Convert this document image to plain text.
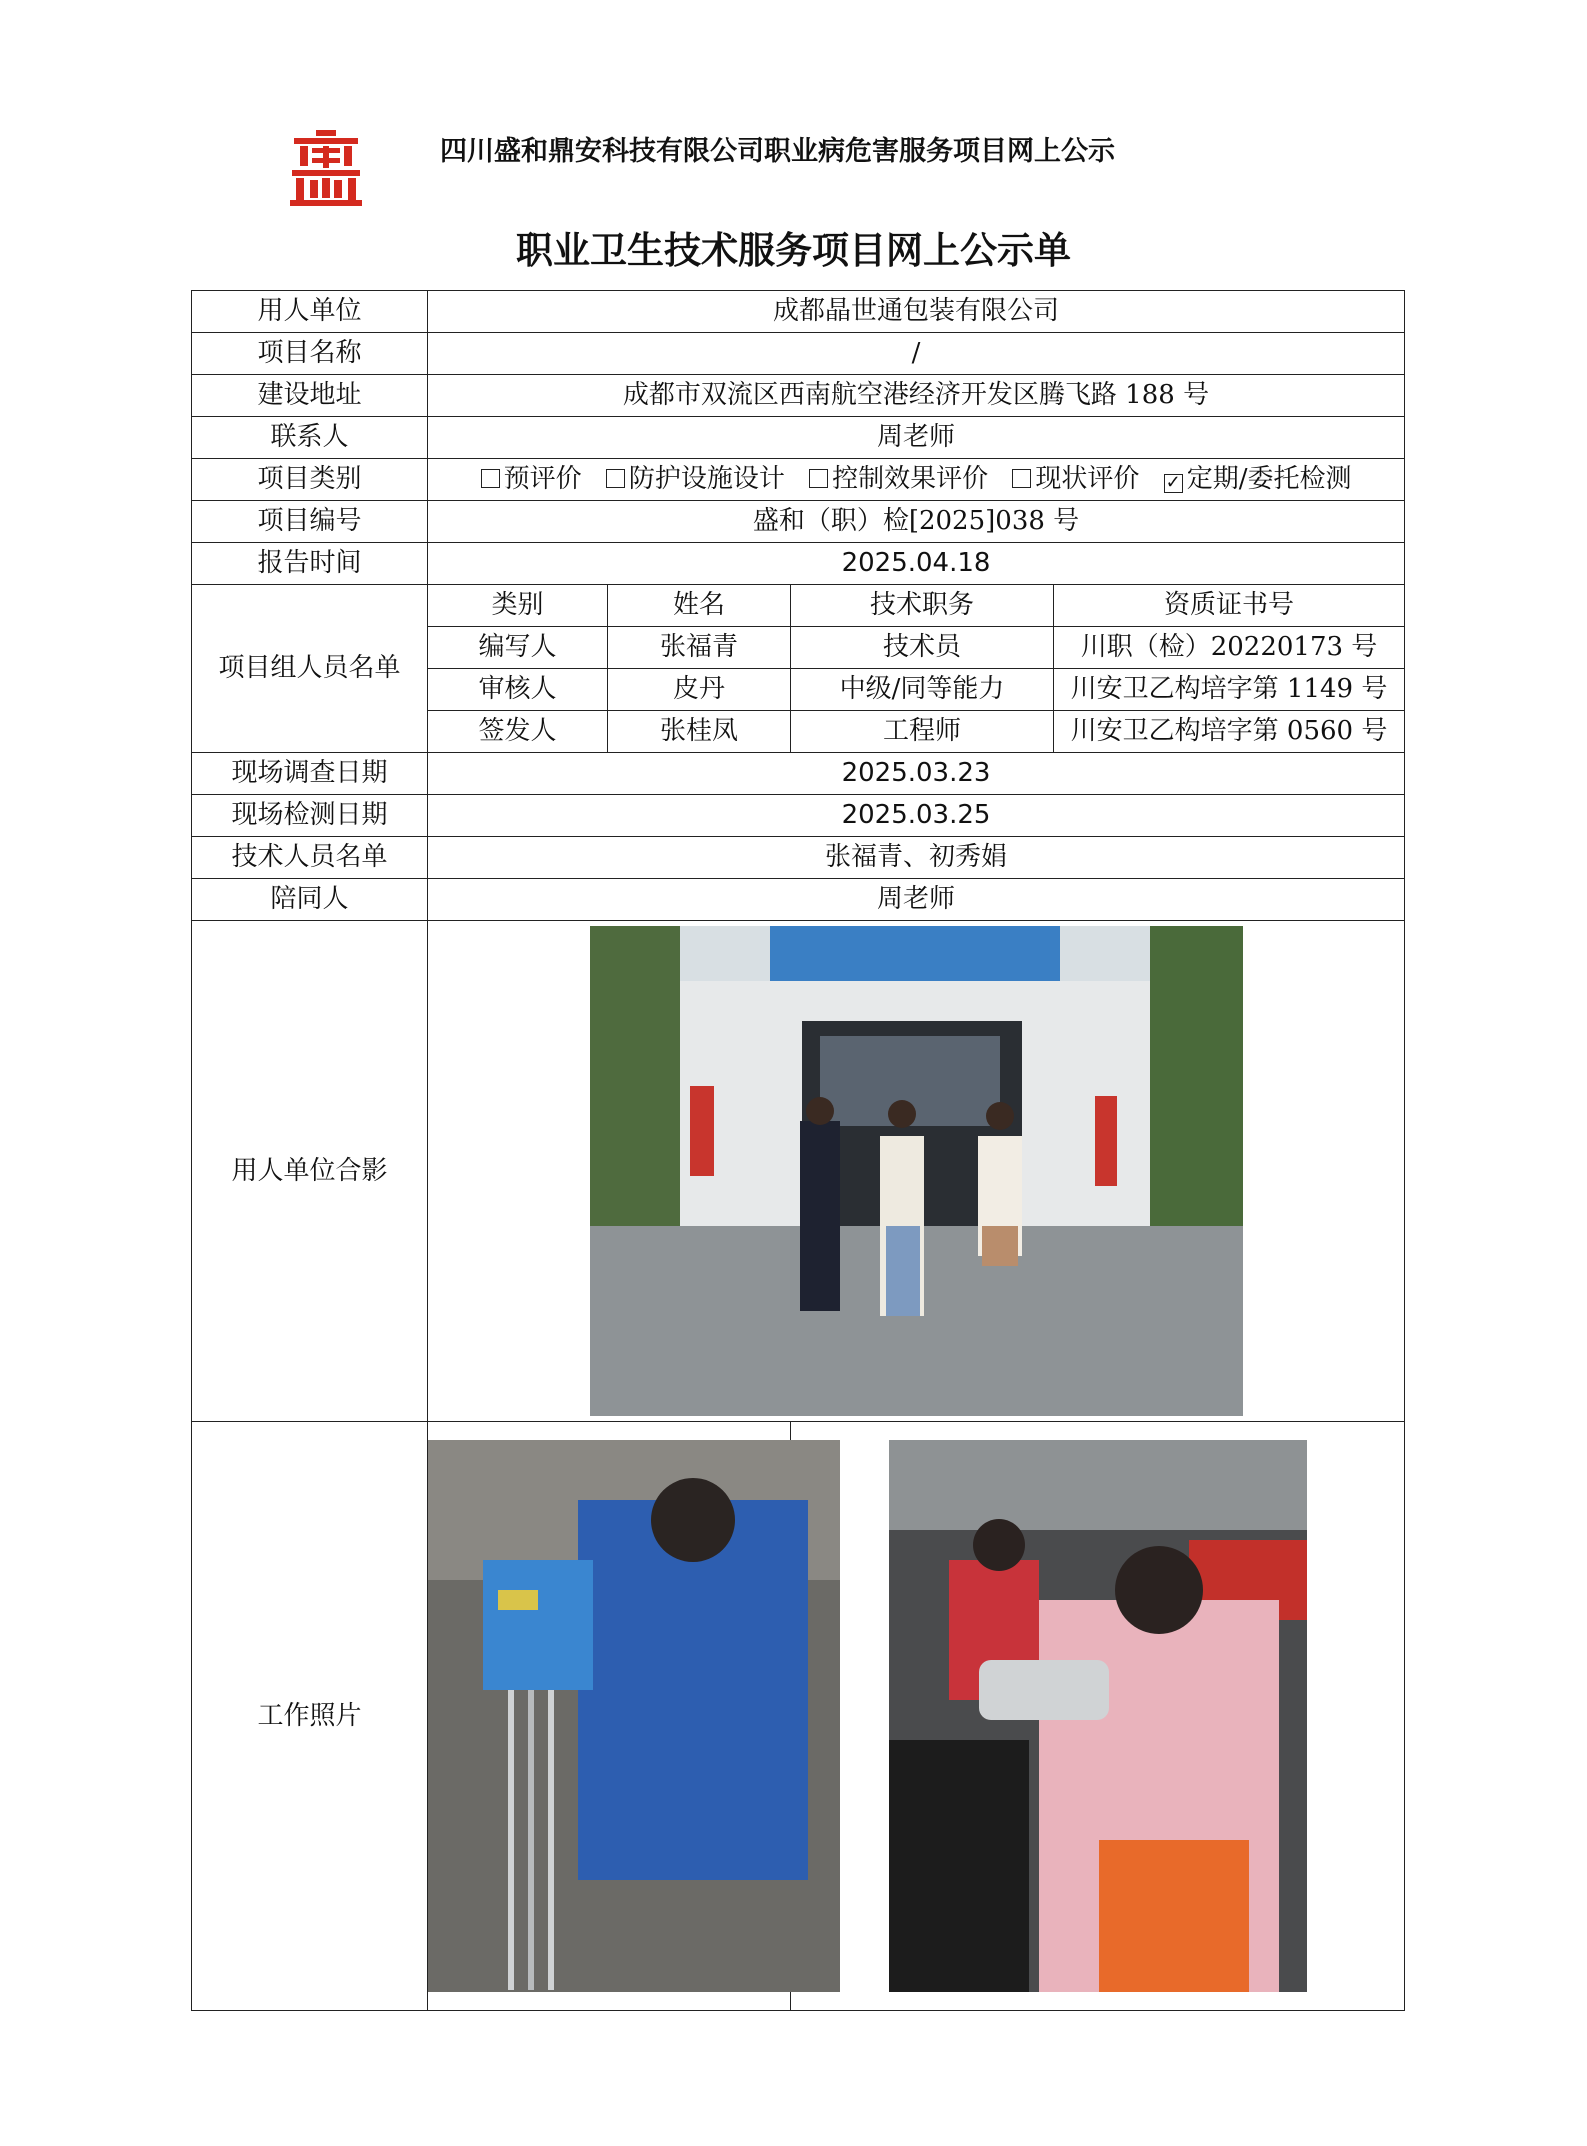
四川盛和鼎安科技有限公司职业病危害服务项目网上公示
职业卫生技术服务项目网上公示单
用人单位	成都晶世通包装有限公司			
项目名称	/			
建设地址	成都市双流区西南航空港经济开发区腾飞路 188 号			
联系人	周老师			
项目类别	预评价 防护设施设计 控制效果评价 现状评价 ✓ 定期/委托检测			
项目编号	盛和（职）检[2025]038 号			
报告时间	2025.04.18			
项目组人员名单	类别	姓名	技术职务	资质证书号
	编写人	张福青	技术员	川职（检）20220173 号
	审核人	皮丹	中级/同等能力	川安卫乙构培字第 1149 号
	签发人	张桂凤	工程师	川安卫乙构培字第 0560 号
现场调查日期	2025.03.23			
现场检测日期	2025.03.25			
技术人员名单	张福青、初秀娟			
陪同人	周老师			
用人单位合影	

工作照片	
